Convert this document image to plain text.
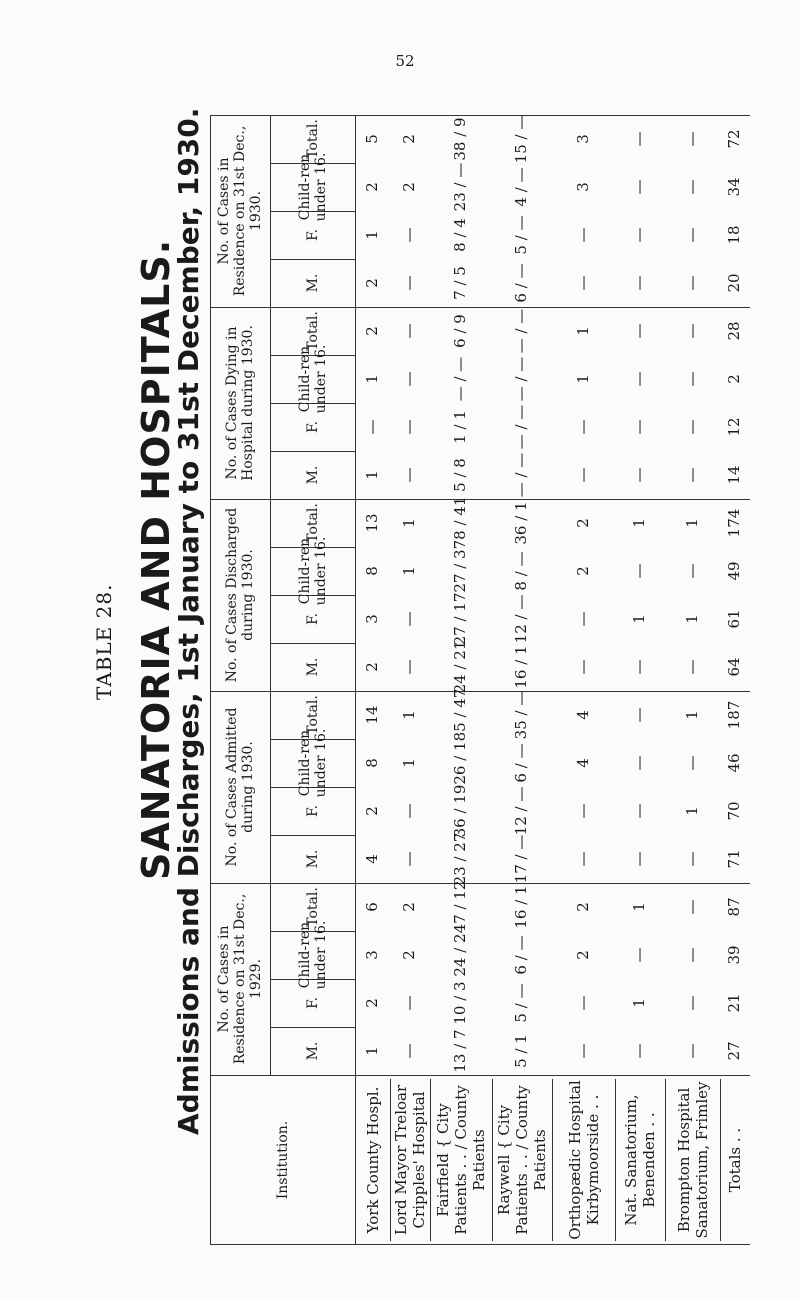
52
TABLE 28. SANATORIA AND HOSPITALS.
Admissions and Discharges, 1st January to 31st December, 1930.
Institution.
No. of Cases in Residence on 31st Dec., 1929.
No. of Cases Admitted during 1930.
No. of Cases Discharged during 1930.
No. of Cases Dying in Hospital during 1930.
No. of Cases in Residence on 31st Dec., 1930.
M.
F.
Child-ren under 16.
Total.
M.
F.
Child-ren under 16.
Total.
M.
F.
Child-ren under 16.
Total.
M.
F.
Child-ren under 16.
Total.
M.
F.
Child-ren under 16.
Total.
York County Hospl.
1
2
3
6
4
2
8
14
2
3
8
13
1
—
1
2
2
1
2
5
Lord Mayor Treloar Cripples' Hospital
—
—
2
2
—
—
1
1
—
—
1
1
—
—
—
—
—
—
2
2
Fairfield { City Patients . . / County Patients
13 / 7
10 / 3
24 / 2
47 / 12
23 / 27
36 / 19
26 / 1
85 / 47
24 / 21
27 / 17
27 / 3
78 / 41
5 / 8
1 / 1
— / —
6 / 9
7 / 5
8 / 4
23 / —
38 / 9
Raywell { City Patients . . / County Patients
5 / 1
5 / —
6 / —
16 / 1
17 / —
12 / —
6 / —
35 / —
16 / 1
12 / —
8 / —
36 / 1
— / —
— / —
— / —
— / —
6 / —
5 / —
4 / —
15 / —
Orthopædic Hospital Kirbymoorside . .
—
—
2
2
—
—
4
4
—
—
2
2
—
—
1
1
—
—
3
3
Nat. Sanatorium, Benenden . .
—
1
—
1
—
—
—
—
—
1
—
1
—
—
—
—
—
—
—
—
Brompton Hospital Sanatorium, Frimley
—
—
—
—
—
1
—
1
—
1
—
1
—
—
—
—
—
—
—
—
Totals . .
27
21
39
87
71
70
46
187
64
61
49
174
14
12
2
28
20
18
34
72
